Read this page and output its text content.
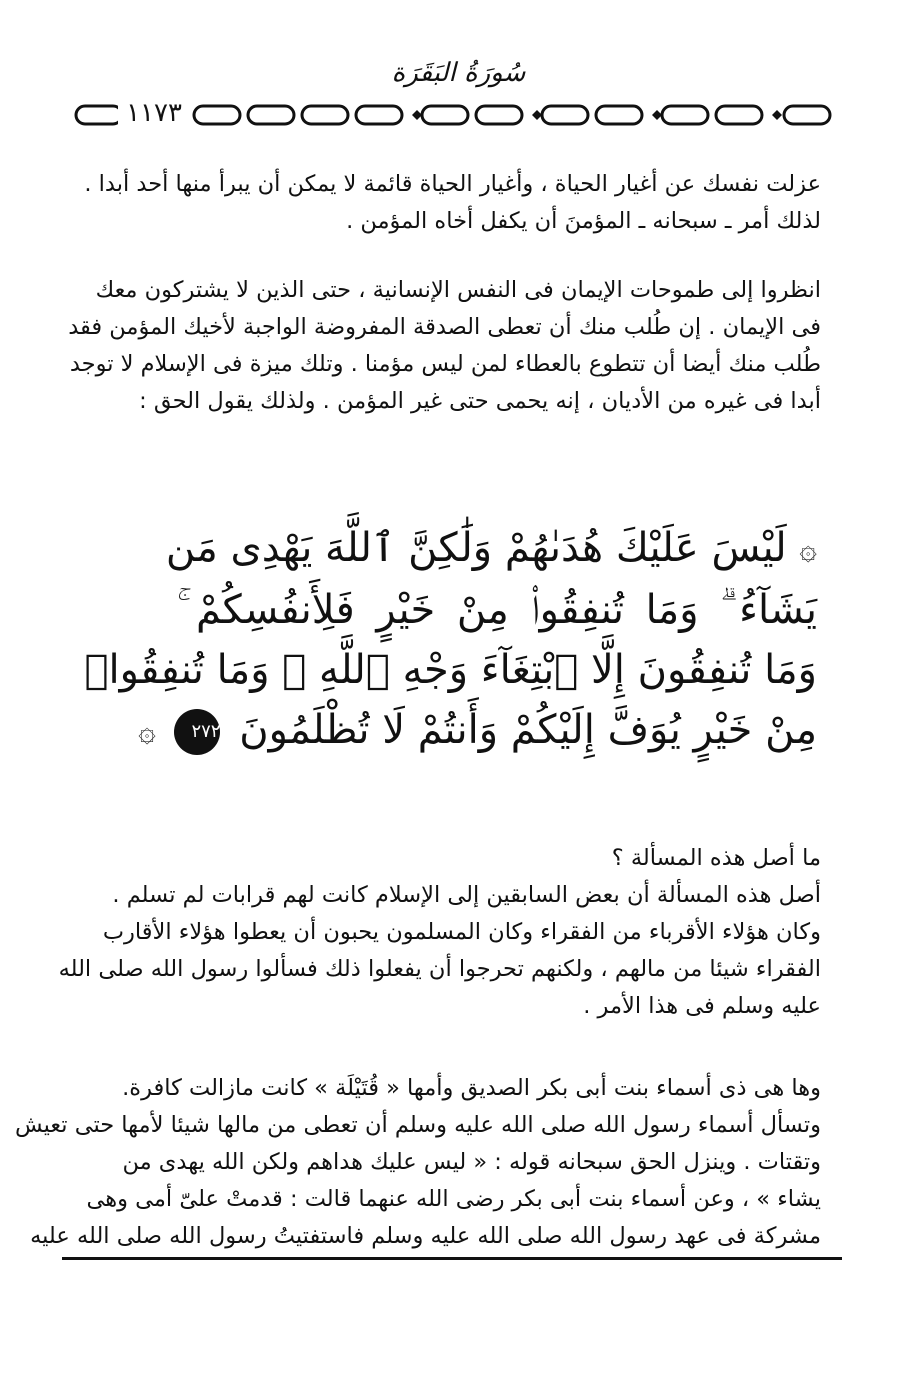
سُورَةُ البَقَرَة
١١٧٣
عزلت نفسك عن أغيار الحياة ، وأغيار الحياة قائمة لا يمكن أن يبرأ منها أحد أبدا .
لذلك أمر ـ سبحانه ـ المؤمنَ أن يكفل أخاه المؤمن .
انظروا إلى طموحات الإيمان فى النفس الإنسانية ، حتى الذين لا يشتركون معك
فى الإيمان . إن طُلب منك أن تعطى الصدقة المفروضة الواجبة لأخيك المؤمن فقد
طُلب منك أيضا أن تتطوع بالعطاء لمن ليس مؤمنا . وتلك ميزة فى الإسلام لا توجد
أبدا فى غيره من الأديان ، إنه يحمى حتى غير المؤمن . ولذلك يقول الحق :
۞ لَيْسَ عَلَيْكَ هُدَىٰهُمْ وَلَٰكِنَّ ٱللَّهَ يَهْدِى مَن
يَشَآءُ ۗ وَمَا تُنفِقُوا۟ مِنْ خَيْرٍ فَلِأَنفُسِكُمْ ۚ
وَمَا تُنفِقُونَ إِلَّا ٱبْتِغَآءَ وَجْهِ ٱللَّهِ ۚ وَمَا تُنفِقُوا۟
مِنْ خَيْرٍ يُوَفَّ إِلَيْكُمْ وَأَنتُمْ لَا تُظْلَمُونَ ٢٧٢ ۞
ما أصل هذه المسألة ؟
أصل هذه المسألة أن بعض السابقين إلى الإسلام كانت لهم قرابات لم تسلم .
وكان هؤلاء الأقرباء من الفقراء وكان المسلمون يحبون أن يعطوا هؤلاء الأقارب
الفقراء شيئا من مالهم ، ولكنهم تحرجوا أن يفعلوا ذلك فسألوا رسول الله صلى الله
عليه وسلم فى هذا الأمر .
وها هى ذى أسماء بنت أبى بكر الصديق وأمها « قُتَيْلَة » كانت مازالت كافرة.
وتسأل أسماء رسول الله صلى الله عليه وسلم أن تعطى من مالها شيئا لأمها حتى تعيش
وتقتات . وينزل الحق سبحانه قوله : « ليس عليك هداهم ولكن الله يهدى من
يشاء » ، وعن أسماء بنت أبى بكر رضى الله عنهما قالت : قدمتْ علىّ أمى وهى
مشركة فى عهد رسول الله صلى الله عليه وسلم فاستفتيتُ رسول الله صلى الله عليه
